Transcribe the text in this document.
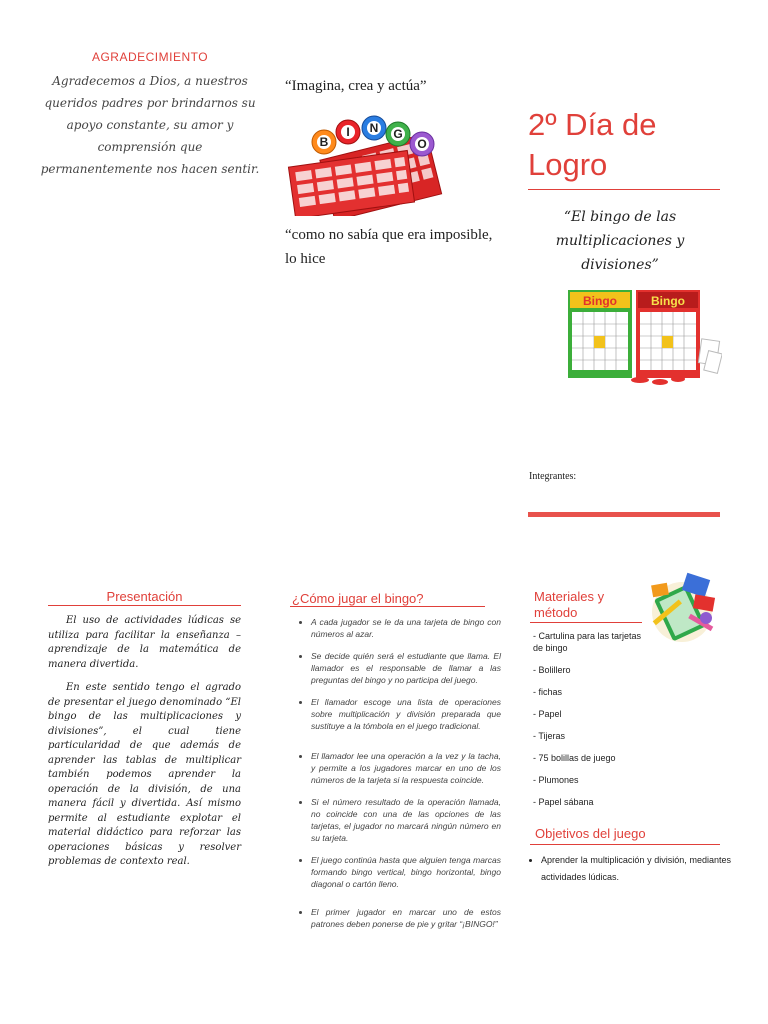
AGRADECIMIENTO
Agradecemos a Dios, a nuestros queridos padres por brindarnos su apoyo constante, su amor y comprensión que permanentemente nos hacen sentir.
“Imagina, crea y actúa”
B
I N G
O
“como no sabía que era imposible, lo hice
2º Día de Logro
“El bingo de las multiplicaciones y divisiones”
Bingo	Bingo
Integrantes:
Presentación

El uso de actividades lúdicas se utiliza para facilitar la enseñanza – aprendizaje de la matemática de manera divertida.

En este sentido tengo el agrado de presentar el juego denominado “El bingo de las multiplicaciones y divisiones”, el cual tiene particularidad de que además de aprender las tablas de multiplicar también podemos aprender la operación de la división, de una manera fácil y divertida. Así mismo permite al estudiante explotar el material didáctico para reforzar las operaciones básicas y resolver problemas de contexto real.

¿Cómo jugar el bingo?
• A cada jugador se le da una tarjeta de bingo con números al azar.
• Se decide quién será el estudiante que llama. El llamador es el responsable de llamar a las preguntas del bingo y no participa del juego.
• El llamador escoge una lista de operaciones sobre multiplicación y división preparada que sustituye a la tómbola en el juego tradicional.
• El llamador lee una operación a la vez y la tacha, y permite a los jugadores marcar en uno de los números de la tarjeta si la respuesta coincide.
• Si el número resultado de la operación llamada, no coincide con una de las opciones de las tarjetas, el jugador no marcará ningún número en su tarjeta.
• El juego continúa hasta que alguien tenga marcas formando bingo vertical, bingo horizontal, bingo diagonal o cartón lleno.
• El primer jugador en marcar uno de estos patrones deben ponerse de pie y gritar “¡BINGO!”
Materiales y método
- Cartulina para las tarjetas de bingo
- Bolillero
- fichas
- Papel
- Tijeras
- 75 bolillas de juego
- Plumones
- Papel sábana
Objetivos del juego
• Aprender la multiplicación y división, mediantes actividades lúdicas.
